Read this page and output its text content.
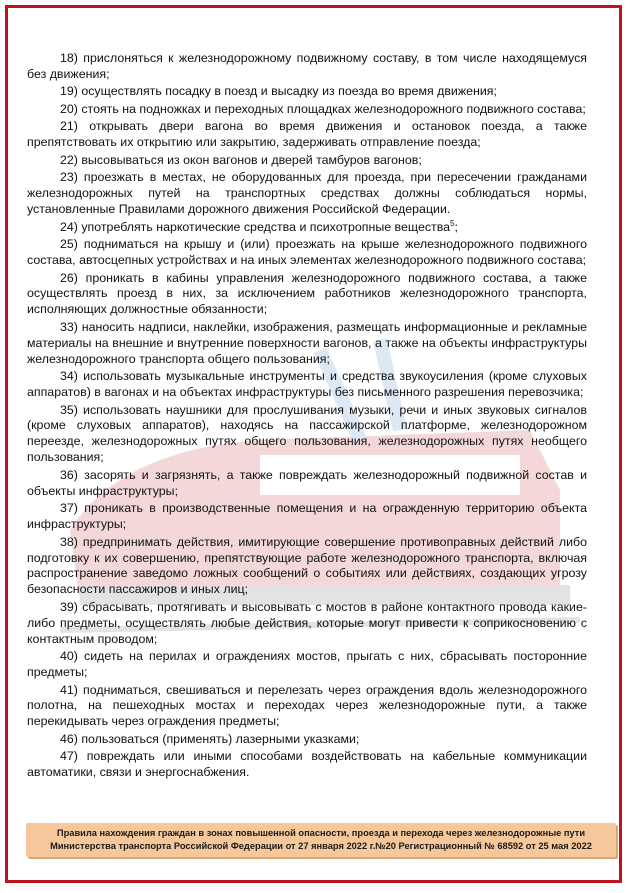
18) прислоняться к железнодорожному подвижному составу, в том числе находящемуся без движения;

19) осуществлять посадку в поезд и высадку из поезда во время движения;

20) стоять на подножках и переходных площадках железнодорожного подвижного состава;

21) открывать двери вагона во время движения и остановок поезда, а также препятствовать их открытию или закрытию, задерживать отправление поезда;

22) высовываться из окон вагонов и дверей тамбуров вагонов;

23) проезжать в местах, не оборудованных для проезда, при пересечении гражданами железнодорожных путей на транспортных средствах должны соблюдаться нормы, установленные Правилами дорожного движения Российской Федерации.

24) употреблять наркотические средства и психотропные вещества$^5$;

25) подниматься на крышу и (или) проезжать на крыше железнодорожного подвижного состава, автосцепных устройствах и на иных элементах железнодорожного подвижного состава;

26) проникать в кабины управления железнодорожного подвижного состава, а также осуществлять проезд в них, за исключением работников железнодорожного транспорта, исполняющих должностные обязанности;

33) наносить надписи, наклейки, изображения, размещать информационные и рекламные материалы на внешние и внутренние поверхности вагонов, а также на объекты инфраструктуры железнодорожного транспорта общего пользования;

34) использовать музыкальные инструменты и средства звукоусиления (кроме слуховых аппаратов) в вагонах и на объектах инфраструктуры без письменного разрешения перевозчика;

35) использовать наушники для прослушивания музыки, речи и иных звуковых сигналов (кроме слуховых аппаратов), находясь на пассажирской платформе, железнодорожном переезде, железнодорожных путях общего пользования, железнодорожных путях необщего пользования;

36) засорять и загрязнять, а также повреждать железнодорожный подвижной состав и объекты инфраструктуры;

37) проникать в производственные помещения и на огражденную территорию объекта инфраструктуры;

38) предпринимать действия, имитирующие совершение противоправных действий либо подготовку к их совершению, препятствующие работе железнодорожного транспорта, включая распространение заведомо ложных сообщений о событиях или действиях, создающих угрозу безопасности пассажиров и иных лиц;

39) сбрасывать, протягивать и высовывать с мостов в районе контактного провода какие-либо предметы, осуществлять любые действия, которые могут привести к соприкосновению с контактным проводом;

40) сидеть на перилах и ограждениях мостов, прыгать с них, сбрасывать посторонние предметы;

41) подниматься, свешиваться и перелезать через ограждения вдоль железнодорожного полотна, на пешеходных мостах и переходах через железнодорожные пути, а также перекидывать через ограждения предметы;

46) пользоваться (применять) лазерными указками;

47) повреждать или иными способами воздействовать на кабельные коммуникации автоматики, связи и энергоснабжения.

Правила нахождения граждан в зонах повышенной опасности, проезда и перехода через железнодорожные пути
Министерства транспорта Российской Федерации от 27 января 2022 г.№20 Регистрационный № 68592 от 25 мая 2022
